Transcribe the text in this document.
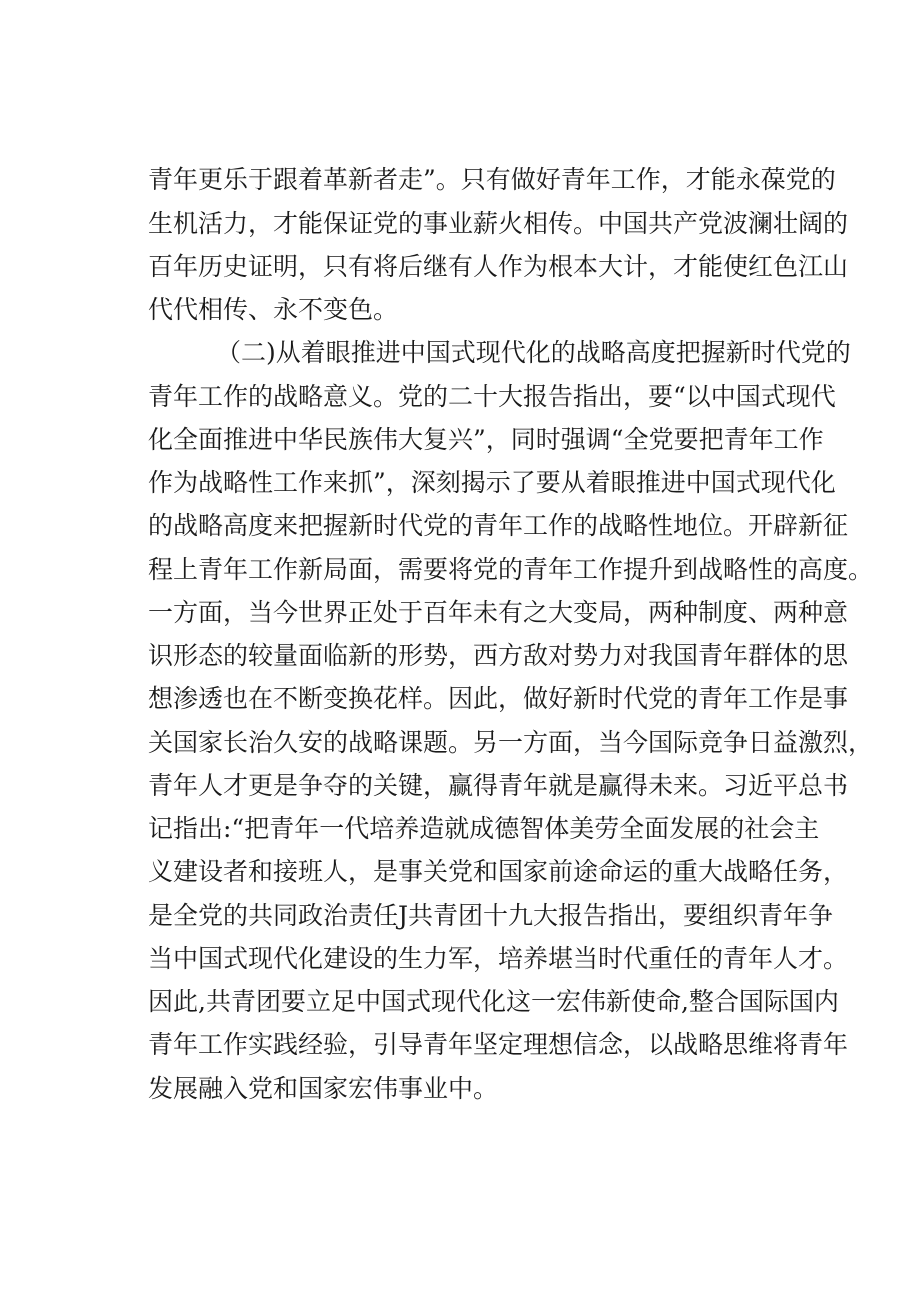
青年更乐于跟着革新者走”。只有做好青年工作，才能永葆党的
生机活力，才能保证党的事业薪火相传。中国共产党波澜壮阔的
百年历史证明，只有将后继有人作为根本大计，才能使红色江山
代代相传、永不变色。
（二)从着眼推进中国式现代化的战略高度把握新时代党的
青年工作的战略意义。党的二十大报告指出，要“以中国式现代
化全面推进中华民族伟大复兴”，同时强调“全党要把青年工作
作为战略性工作来抓”，深刻揭示了要从着眼推进中国式现代化
的战略高度来把握新时代党的青年工作的战略性地位。开辟新征
程上青年工作新局面，需要将党的青年工作提升到战略性的高度。
一方面，当今世界正处于百年未有之大变局，两种制度、两种意
识形态的较量面临新的形势，西方敌对势力对我国青年群体的思
想渗透也在不断变换花样。因此，做好新时代党的青年工作是事
关国家长治久安的战略课题。另一方面，当今国际竞争日益激烈，
青年人才更是争夺的关键，赢得青年就是赢得未来。习近平总书
记指出:“把青年一代培养造就成德智体美劳全面发展的社会主
义建设者和接班人，是事关党和国家前途命运的重大战略任务，
是全党的共同政治责任J共青团十九大报告指出，要组织青年争
当中国式现代化建设的生力军，培养堪当时代重任的青年人才。
因此,共青团要立足中国式现代化这一宏伟新使命,整合国际国内
青年工作实践经验，引导青年坚定理想信念，以战略思维将青年
发展融入党和国家宏伟事业中。
